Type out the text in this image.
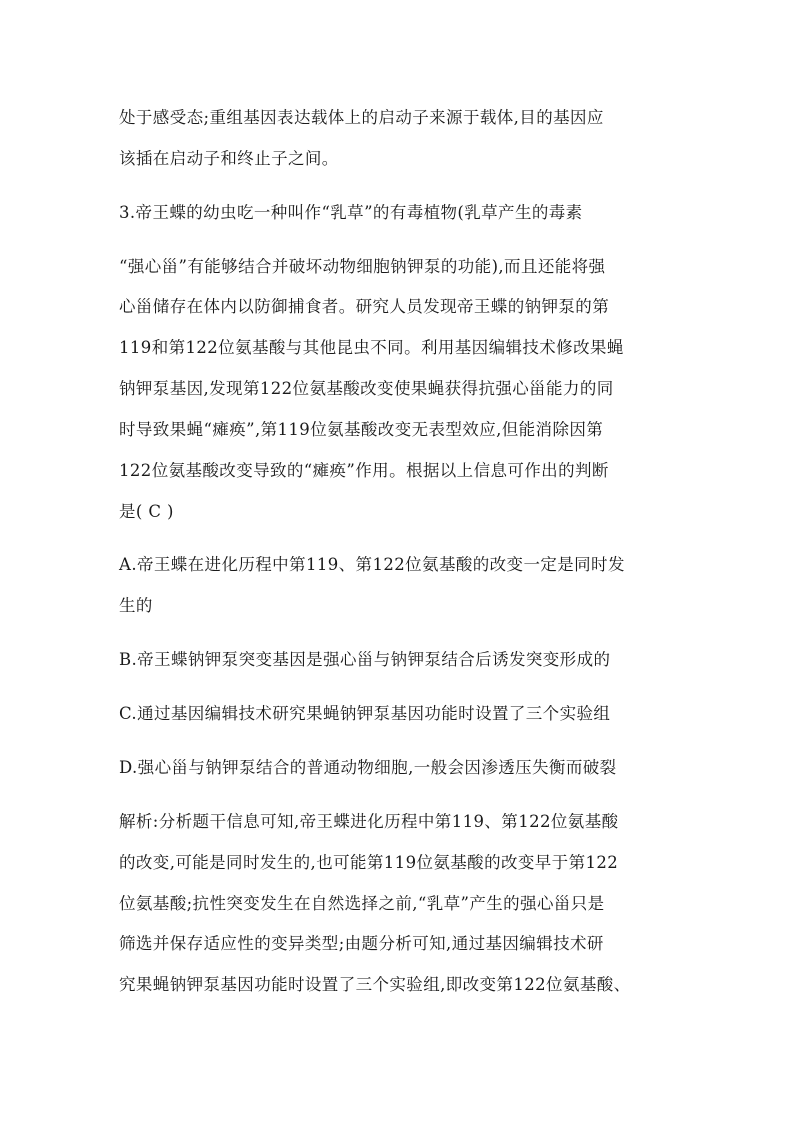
处于感受态;重组基因表达载体上的启动子来源于载体,目的基因应
该插在启动子和终止子之间。
3.帝王蝶的幼虫吃一种叫作“乳草”的有毒植物(乳草产生的毒素
“强心甾”有能够结合并破坏动物细胞钠钾泵的功能),而且还能将强
心甾储存在体内以防御捕食者。研究人员发现帝王蝶的钠钾泵的第
119和第122位氨基酸与其他昆虫不同。利用基因编辑技术修改果蝇
钠钾泵基因,发现第122位氨基酸改变使果蝇获得抗强心甾能力的同
时导致果蝇“瘫痪”,第119位氨基酸改变无表型效应,但能消除因第
122位氨基酸改变导致的“瘫痪”作用。根据以上信息可作出的判断
是( C )
A.帝王蝶在进化历程中第119、第122位氨基酸的改变一定是同时发
生的
B.帝王蝶钠钾泵突变基因是强心甾与钠钾泵结合后诱发突变形成的
C.通过基因编辑技术研究果蝇钠钾泵基因功能时设置了三个实验组
D.强心甾与钠钾泵结合的普通动物细胞,一般会因渗透压失衡而破裂
解析:分析题干信息可知,帝王蝶进化历程中第119、第122位氨基酸
的改变,可能是同时发生的,也可能第119位氨基酸的改变早于第122
位氨基酸;抗性突变发生在自然选择之前,“乳草”产生的强心甾只是
筛选并保存适应性的变异类型;由题分析可知,通过基因编辑技术研
究果蝇钠钾泵基因功能时设置了三个实验组,即改变第122位氨基酸、
